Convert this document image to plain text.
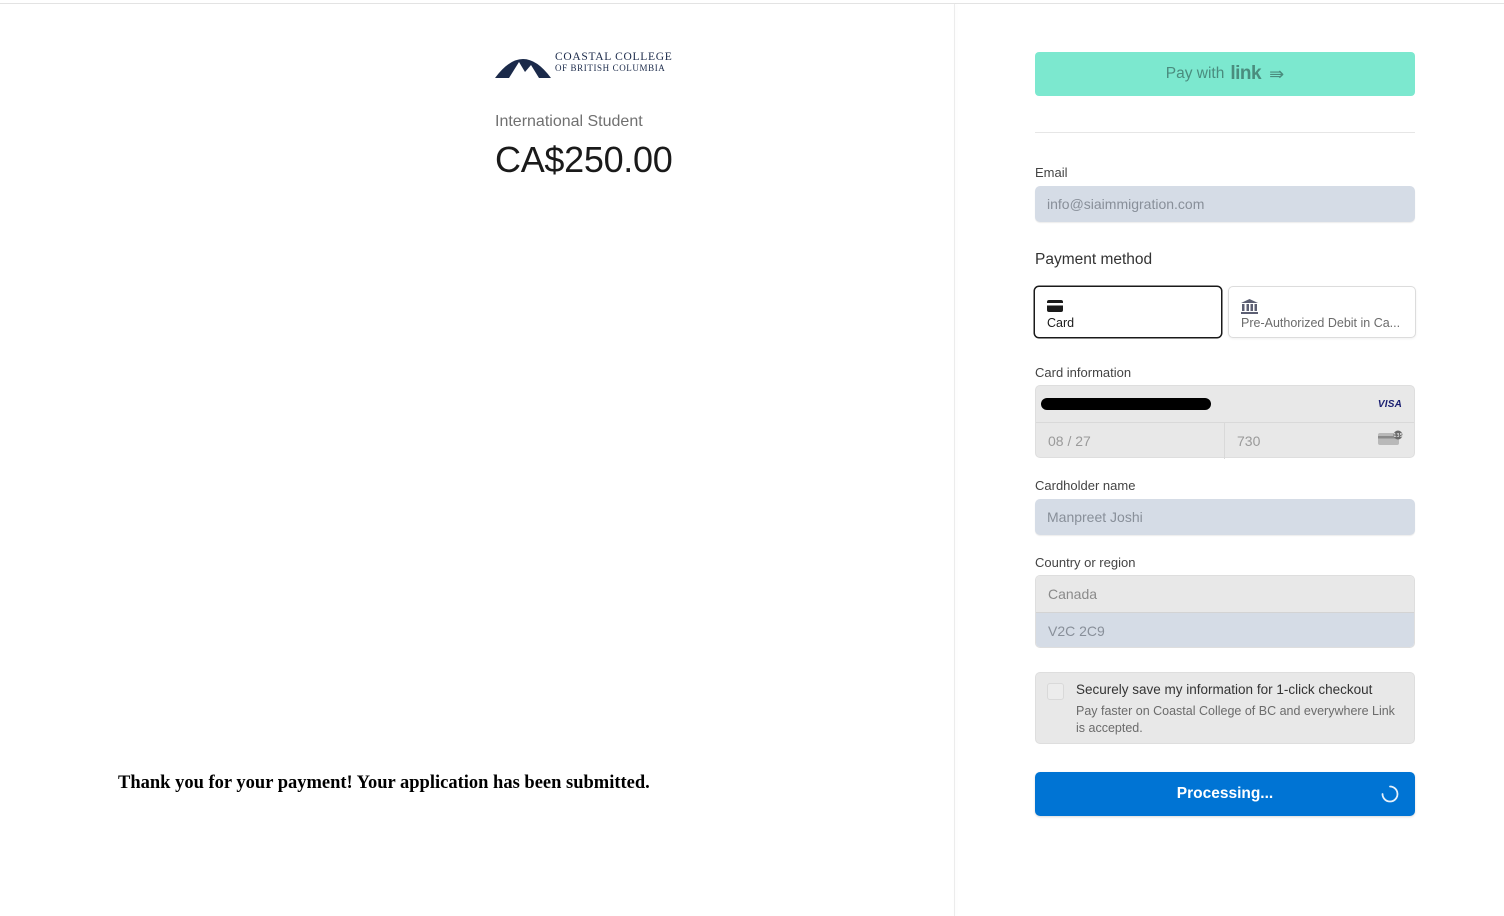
COASTAL COLLEGE
OF BRITISH COLUMBIA
International Student
CA$250.00
Thank you for your payment! Your application has been submitted.
Pay with link ⇛
Email
info@siaimmigration.com
Payment method
Card	Pre-Authorized Debit in Ca...
Card information
VISA
08 / 27	730	135
Cardholder name
Manpreet Joshi
Country or region
Canada
V2C 2C9
Securely save my information for 1-click checkout
Pay faster on Coastal College of BC and everywhere Link is accepted.
Processing...
